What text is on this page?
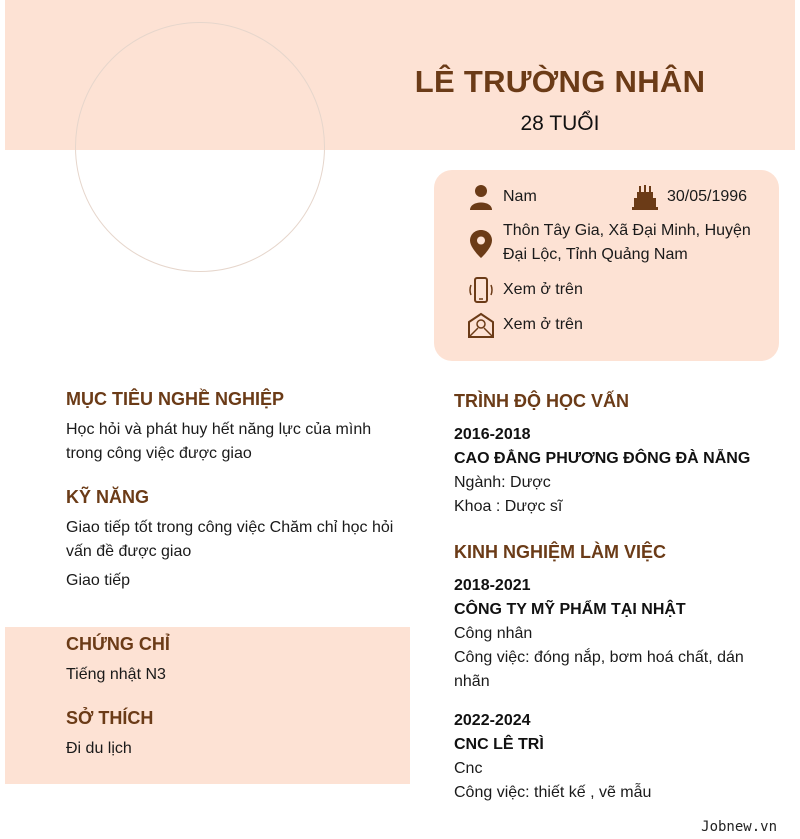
LÊ TRƯỜNG NHÂN
28 TUỔI
Nam	30/05/1996
Thôn Tây Gia, Xã Đại Minh, Huyện Đại Lộc, Tỉnh Quảng Nam
Xem ở trên
Xem ở trên
MỤC TIÊU NGHỀ NGHIỆP
Học hỏi và phát huy hết năng lực của mình trong công việc được giao
KỸ NĂNG
Giao tiếp tốt trong công việc Chăm chỉ học hỏi vấn đề được giao
Giao tiếp
CHỨNG CHỈ
Tiếng nhật N3
SỞ THÍCH
Đi du lịch
TRÌNH ĐỘ HỌC VẤN
2016-2018
CAO ĐẲNG PHƯƠNG ĐÔNG ĐÀ NẴNG
Ngành: Dược
Khoa : Dược sĩ
KINH NGHIỆM LÀM VIỆC
2018-2021
CÔNG TY MỸ PHẨM TẠI NHẬT
Công nhân
Công việc: đóng nắp, bơm hoá chất, dán nhãn
2022-2024
CNC LÊ TRÌ
Cnc
Công việc: thiết kế , vẽ mẫu
Jobnew.vn
